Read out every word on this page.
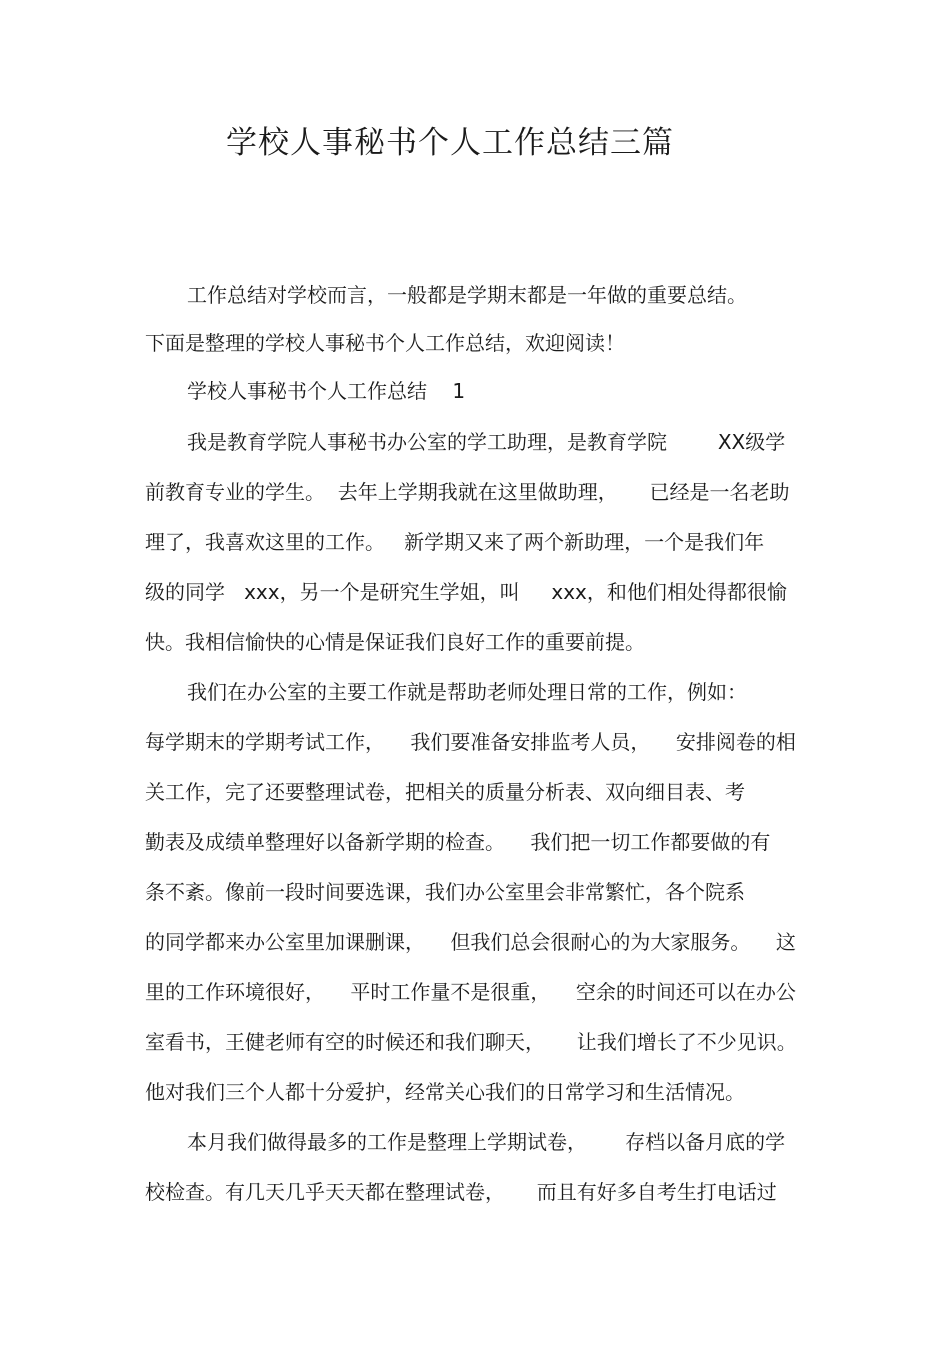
学校人事秘书个人工作总结三篇

工作总结对学校而言，一般都是学期末都是一年做的重要总结。

下面是整理的学校人事秘书个人工作总结，欢迎阅读！

学校人事秘书个人工作总结    1

我是教育学院人事秘书办公室的学工助理，是教育学院        XX级学

前教育专业的学生。  去年上学期我就在这里做助理，     已经是一名老助

理了，我喜欢这里的工作。   新学期又来了两个新助理，一个是我们年

级的同学   xxx，另一个是研究生学姐，叫     xxx，和他们相处得都很愉

快。我相信愉快的心情是保证我们良好工作的重要前提。

我们在办公室的主要工作就是帮助老师处理日常的工作，例如：

每学期末的学期考试工作，    我们要准备安排监考人员，    安排阅卷的相

关工作，完了还要整理试卷，把相关的质量分析表、双向细目表、考

勤表及成绩单整理好以备新学期的检查。    我们把一切工作都要做的有

条不紊。像前一段时间要选课，我们办公室里会非常繁忙，各个院系

的同学都来办公室里加课删课，    但我们总会很耐心的为大家服务。    这

里的工作环境很好，    平时工作量不是很重，    空余的时间还可以在办公

室看书，王健老师有空的时候还和我们聊天，     让我们增长了不少见识。

他对我们三个人都十分爱护，经常关心我们的日常学习和生活情况。

本月我们做得最多的工作是整理上学期试卷，      存档以备月底的学

校检查。有几天几乎天天都在整理试卷，     而且有好多自考生打电话过
